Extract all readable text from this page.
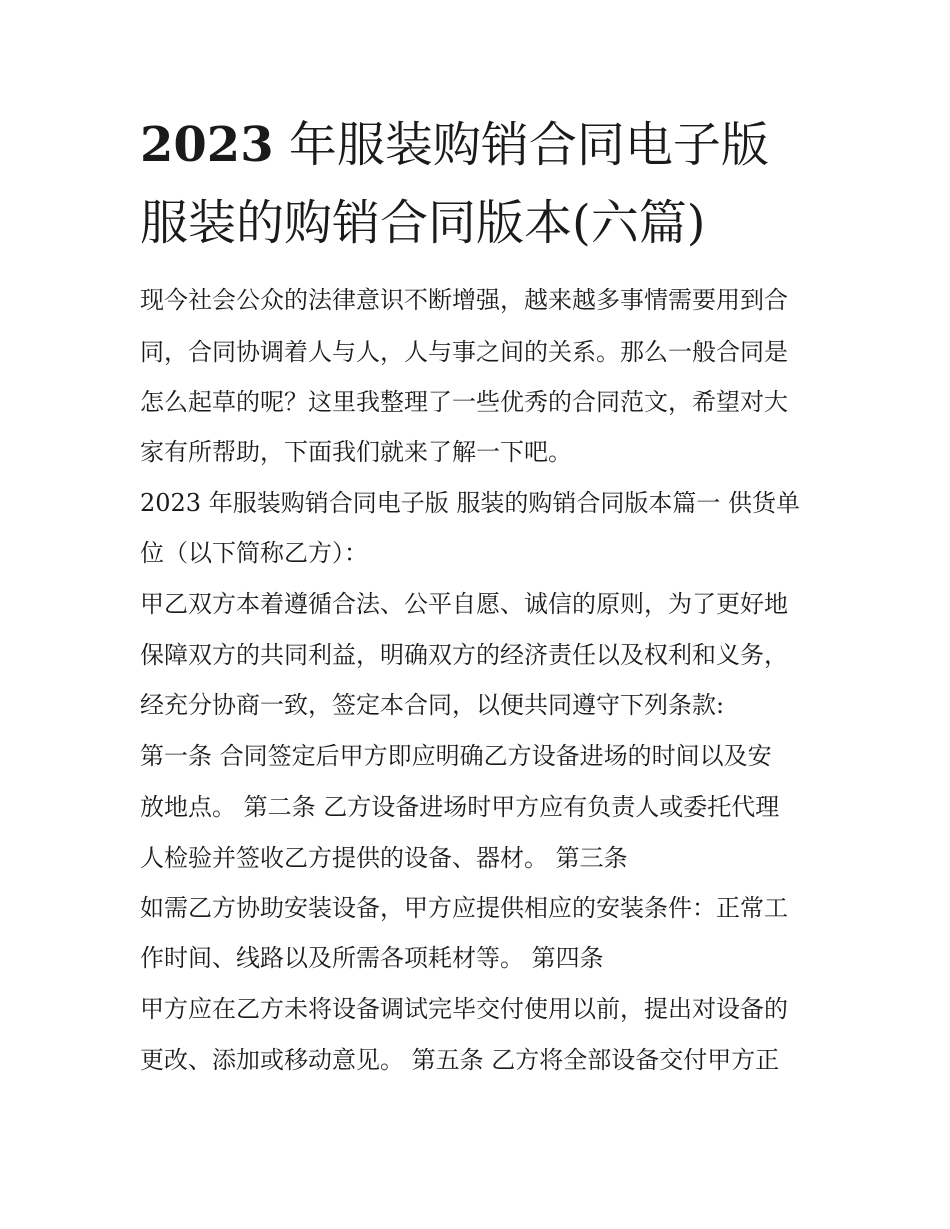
2023 年服装购销合同电子版
服装的购销合同版本(六篇)

现今社会公众的法律意识不断增强，越来越多事情需要用到合

同，合同协调着人与人，人与事之间的关系。那么一般合同是

怎么起草的呢？这里我整理了一些优秀的合同范文，希望对大

家有所帮助，下面我们就来了解一下吧。

2023 年服装购销合同电子版 服装的购销合同版本篇一 供货单

位（以下简称乙方）：

甲乙双方本着遵循合法、公平自愿、诚信的原则，为了更好地

保障双方的共同利益，明确双方的经济责任以及权利和义务，

经充分协商一致，签定本合同，以便共同遵守下列条款:

第一条 合同签定后甲方即应明确乙方设备进场的时间以及安

放地点。 第二条 乙方设备进场时甲方应有负责人或委托代理

人检验并签收乙方提供的设备、器材。 第三条

如需乙方协助安装设备，甲方应提供相应的安装条件：正常工

作时间、线路以及所需各项耗材等。 第四条

甲方应在乙方未将设备调试完毕交付使用以前，提出对设备的

更改、添加或移动意见。 第五条 乙方将全部设备交付甲方正
